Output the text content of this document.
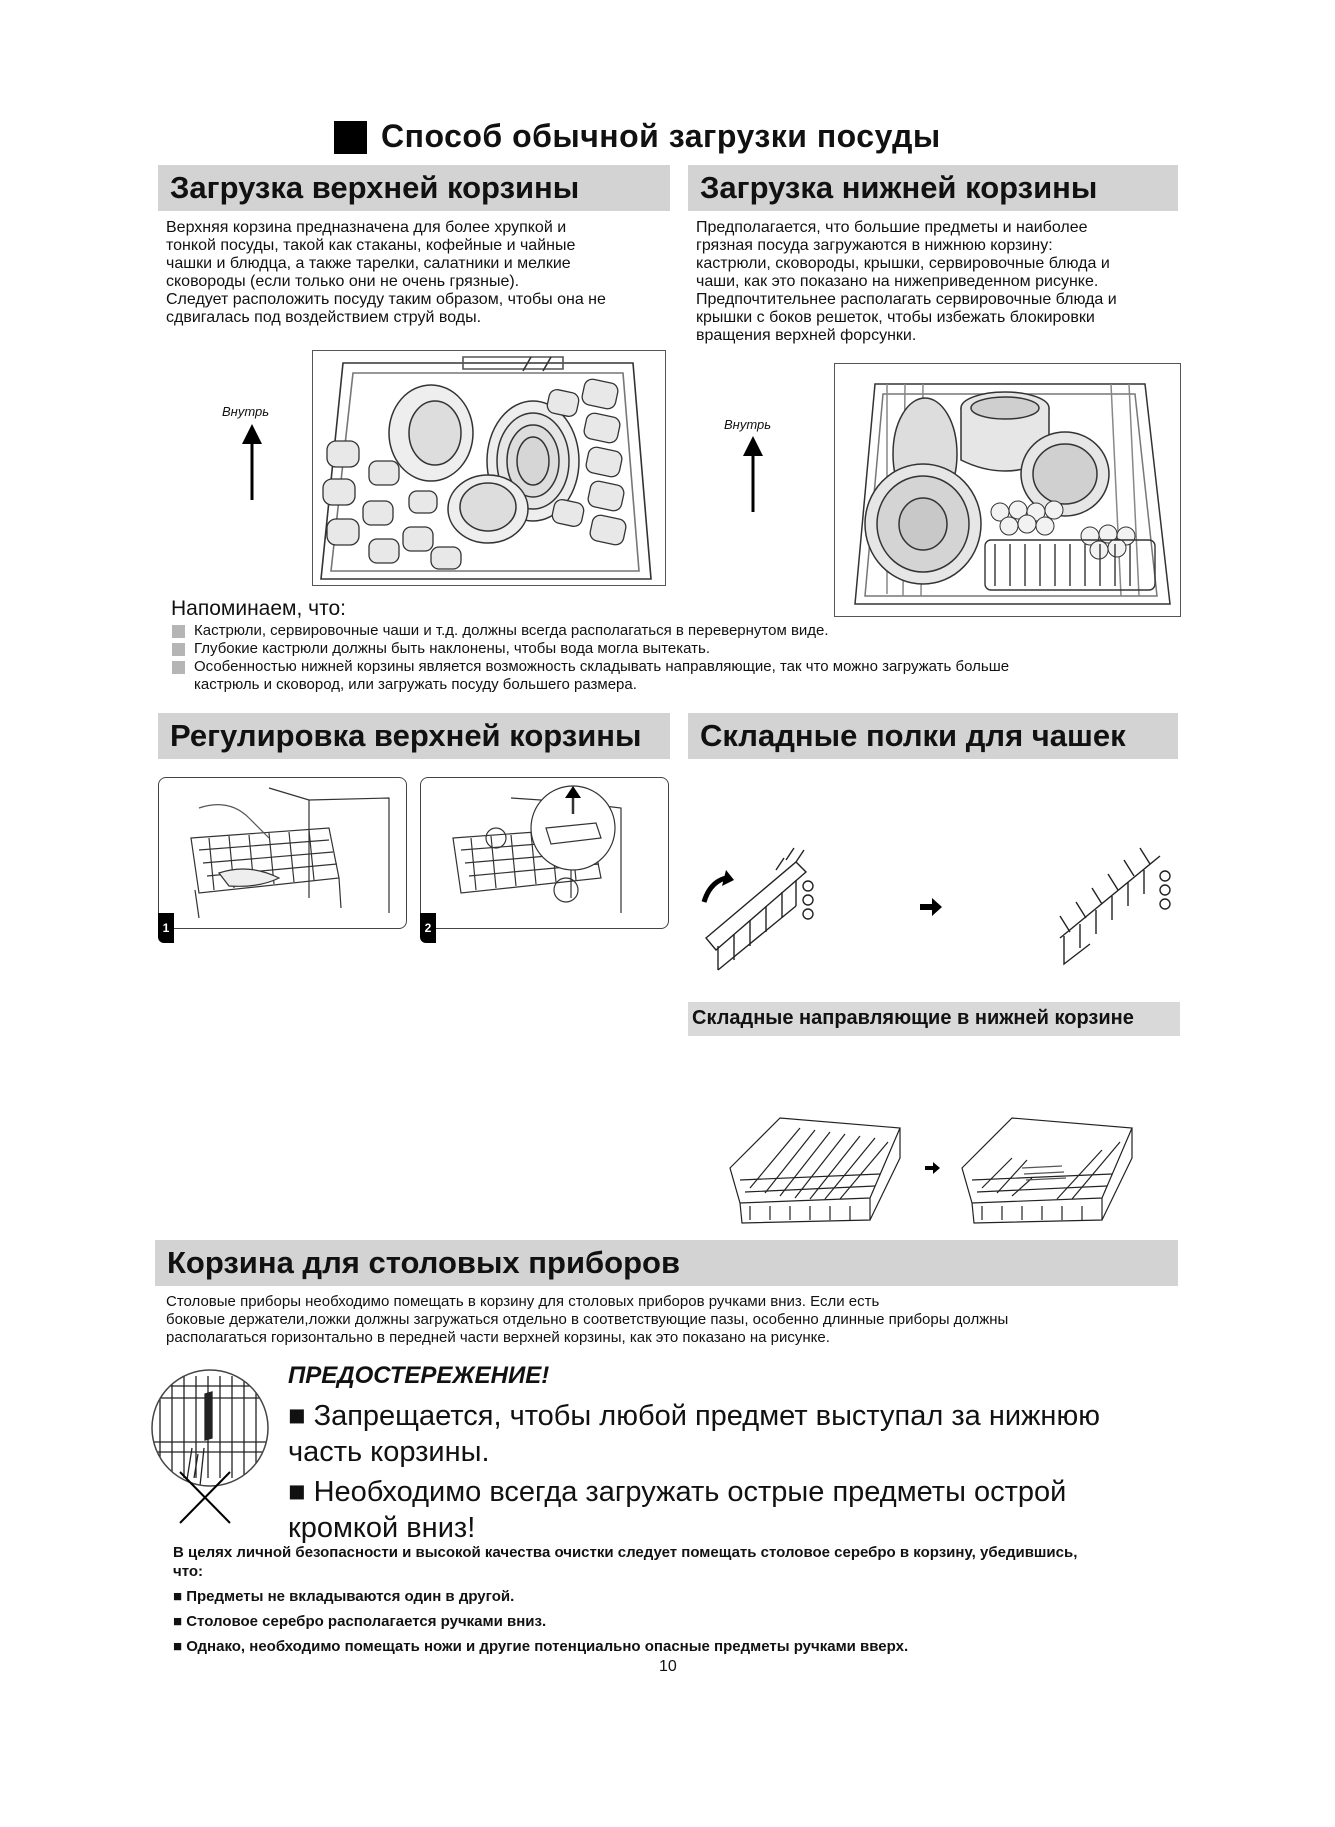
Способ обычной загрузки посуды
Загрузка верхней корзины
Верхняя корзина предназначена для более хрупкой и
тонкой посуды, такой как стаканы, кофейные и чайные
чашки и блюдца, а также тарелки, салатники и мелкие
сковороды (если только они не очень грязные).
Следует расположить посуду таким образом, чтобы она не
сдвигалась под воздействием струй воды.
Загрузка нижней корзины
Предполагается, что большие предметы и наиболее
грязная посуда загружаются в нижнюю корзину:
кастрюли, сковороды, крышки, сервировочные блюда и
чаши, как это показано на нижеприведенном рисунке.
Предпочтительнее располагать сервировочные блюда и
крышки с боков решеток, чтобы избежать блокировки
вращения верхней форсунки.
Внутрь
Внутрь
Напоминаем, что:
Кастрюли, сервировочные чаши и т.д. должны всегда располагаться в перевернутом виде.
Глубокие кастрюли должны быть наклонены, чтобы вода могла вытекать.
Особенностью нижней корзины является возможность складывать направляющие, так что можно загружать больше
кастрюль и сковород, или загружать посуду большего размера.
Регулировка верхней корзины	Складные полки для чашек
1	2
Складные направляющие в нижней корзине
Корзина для столовых приборов
Столовые приборы необходимо помещать в корзину для столовых приборов ручками вниз. Если есть
боковые держатели,ложки должны загружаться отдельно в соответствующие пазы, особенно длинные приборы должны
располагаться горизонтально в передней части верхней корзины, как это показано на рисунке.
ПРЕДОСТЕРЕЖЕНИЕ!
■ Запрещается, чтобы любой предмет выступал за нижнюю
часть корзины.
■ Необходимо всегда загружать острые предметы острой
кромкой вниз!
В целях личной безопасности и высокой качества очистки следует помещать столовое серебро в корзину, убедившись,
что:
■ Предметы не вкладываются один в другой.
■ Столовое серебро располагается ручками вниз.
■ Однако, необходимо помещать ножи и другие потенциально опасные предметы ручками вверх.
10
